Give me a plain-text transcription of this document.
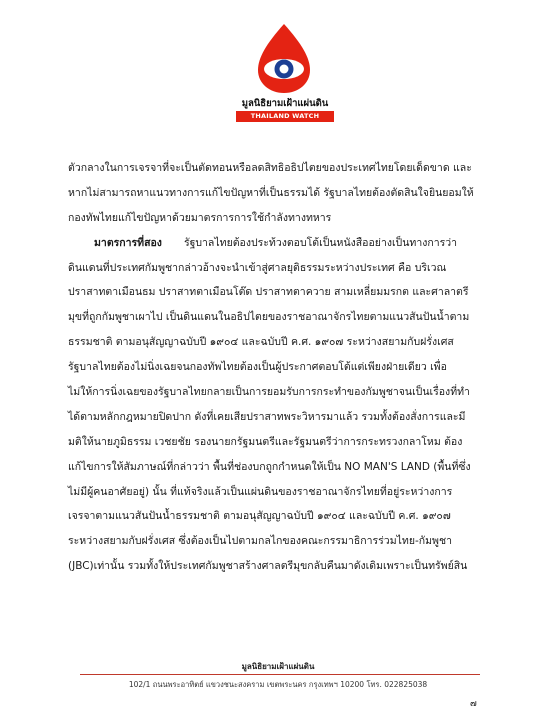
มูลนิธิยามเฝ้าแผ่นดิน
THAILAND WATCH FOUNDATION
ตัวกลางในการเจรจาที่จะเป็นตัดทอนหรือลดสิทธิอธิปไตยของประเทศไทยโดยเด็ดขาด และ
หากไม่สามารถหาแนวทางการแก้ไขปัญหาที่เป็นธรรมได้ รัฐบาลไทยต้องตัดสินใจยินยอมให้
กองทัพไทยแก้ไขปัญหาด้วยมาตรการการใช้กำลังทางทหาร
มาตรการที่สอง รัฐบาลไทยต้องประท้วงตอบโต้เป็นหนังสืออย่างเป็นทางการว่า
ดินแดนที่ประเทศกัมพูชากล่าวอ้างจะนำเข้าสู่ศาลยุติธรรมระหว่างประเทศ คือ บริเวณ
ปราสาทตาเมือนธม ปราสาทตาเมือนโต๊ด ปราสาทตาควาย สามเหลี่ยมมรกต และศาลาตรี
มุขที่ถูกกัมพูชาเผาไป เป็นดินแดนในอธิปไตยของราชอาณาจักรไทยตามแนวสันปันน้ำตาม
ธรรมชาติ ตามอนุสัญญาฉบับปี ๑๙๐๔ และฉบับปี ค.ศ. ๑๙๐๗ ระหว่างสยามกับฝรั่งเศส
รัฐบาลไทยต้องไม่นิ่งเฉยจนกองทัพไทยต้องเป็นผู้ประกาศตอบโต้แต่เพียงฝ่ายเดียว เพื่อ
ไม่ให้การนิ่งเฉยของรัฐบาลไทยกลายเป็นการยอมรับการกระทำของกัมพูชาจนเป็นเรื่องที่ทำ
ได้ตามหลักกฎหมายปิดปาก ดังที่เคยเสียปราสาทพระวิหารมาแล้ว รวมทั้งต้องสั่งการและมี
มติให้นายภูมิธรรม เวชยชัย รองนายกรัฐมนตรีและรัฐมนตรีว่าการกระทรวงกลาโหม ต้อง
แก้ไขการให้สัมภาษณ์ที่กล่าวว่า พื้นที่ช่องบกถูกกำหนดให้เป็น NO MAN'S LAND (พื้นที่ซึ่ง
ไม่มีผู้คนอาศัยอยู่) นั้น ที่แท้จริงแล้วเป็นแผ่นดินของราชอาณาจักรไทยที่อยู่ระหว่างการ
เจรจาตามแนวสันปันน้ำธรรมชาติ ตามอนุสัญญาฉบับปี ๑๙๐๔ และฉบับปี ค.ศ. ๑๙๐๗
ระหว่างสยามกับฝรั่งเศส ซึ่งต้องเป็นไปตามกลไกของคณะกรรมาธิการร่วมไทย-กัมพูชา
(JBC)เท่านั้น รวมทั้งให้ประเทศกัมพูชาสร้างศาลตรีมุขกลับคืนมาดังเดิมเพราะเป็นทรัพย์สิน
มูลนิธิยามเฝ้าแผ่นดิน
102/1 ถนนพระอาทิตย์ แขวงชนะสงคราม เขตพระนคร กรุงเทพฯ 10200 โทร. 022825038
๗
